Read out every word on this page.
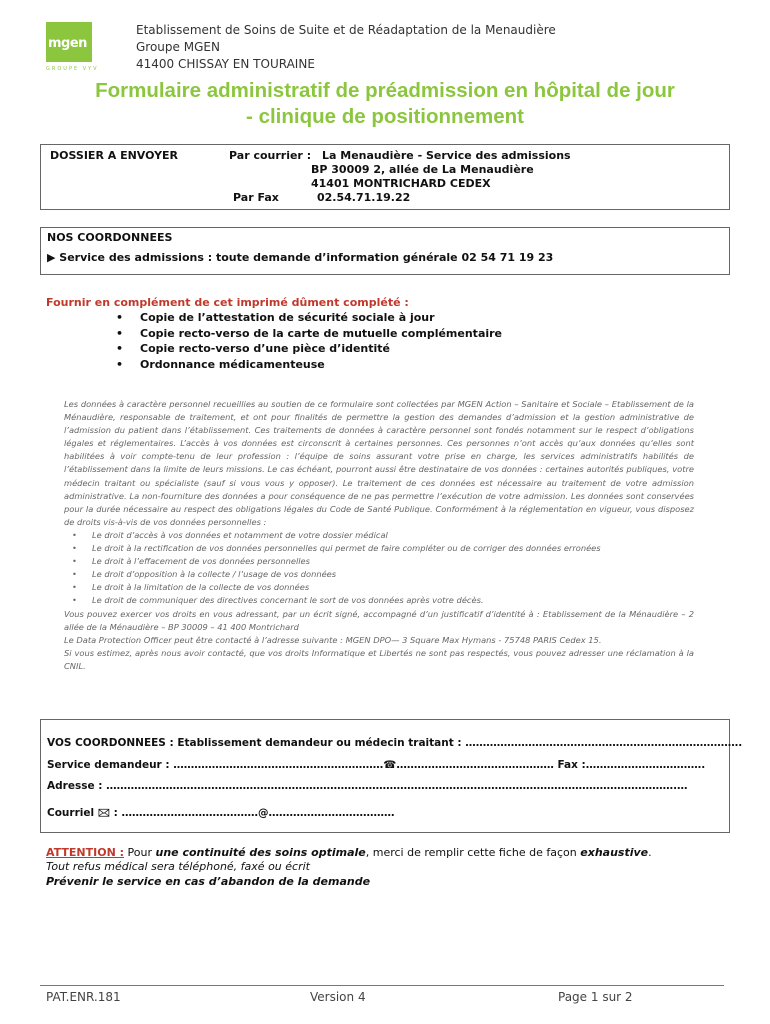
mgen
GROUPE VYV
Etablissement de Soins de Suite et de Réadaptation de la Menaudière
Groupe MGEN
41400 CHISSAY EN TOURAINE
Formulaire administratif de préadmission en hôpital de jour
- clinique de positionnement
DOSSIER A ENVOYER	Par courrier : La Menaudière - Service des admissions
BP 30009 2, allée de La Menaudière
41401 MONTRICHARD CEDEX
Par Fax	02.54.71.19.22
NOS COORDONNEES
▶ Service des admissions : toute demande d’information générale 02 54 71 19 23
Fournir en complément de cet imprimé dûment complété :
• Copie de l’attestation de sécurité sociale à jour
• Copie recto-verso de la carte de mutuelle complémentaire
• Copie recto-verso d’une pièce d’identité
• Ordonnance médicamenteuse

Les données à caractère personnel recueillies au soutien de ce formulaire sont collectées par MGEN Action – Sanitaire et Sociale – Etablissement de la Ménaudière, responsable de traitement, et ont pour finalités de permettre la gestion des demandes d’admission et la gestion administrative de l’admission du patient dans l’établissement. Ces traitements de données à caractère personnel sont fondés notamment sur le respect d’obligations légales et réglementaires. L’accès à vos données est circonscrit à certaines personnes. Ces personnes n’ont accès qu’aux données qu’elles sont habilitées à voir compte-tenu de leur profession : l’équipe de soins assurant votre prise en charge, les services administratifs habilités de l’établissement dans la limite de leurs missions. Le cas échéant, pourront aussi être destinataire de vos données : certaines autorités publiques, votre médecin traitant ou spécialiste (sauf si vous vous y opposer). Le traitement de ces données est nécessaire au traitement de votre admission administrative. La non-fourniture des données a pour conséquence de ne pas permettre l’exécution de votre admission. Les données sont conservées pour la durée nécessaire au respect des obligations légales du Code de Santé Publique. Conformément à la réglementation en vigueur, vous disposez de droits vis-à-vis de vos données personnelles :

• Le droit d’accès à vos données et notamment de votre dossier médical
• Le droit à la rectification de vos données personnelles qui permet de faire compléter ou de corriger des données erronées
• Le droit à l’effacement de vos données personnelles
• Le droit d’opposition à la collecte / l’usage de vos données
• Le droit à la limitation de la collecte de vos données
• Le droit de communiquer des directives concernant le sort de vos données après votre décès.

Vous pouvez exercer vos droits en vous adressant, par un écrit signé, accompagné d’un justificatif d’identité à : Etablissement de la Ménaudière – 2 allée de la Ménaudière – BP 30009 – 41 400 Montrichard

Le Data Protection Officer peut être contacté à l’adresse suivante : MGEN DPO— 3 Square Max Hymans - 75748 PARIS Cedex 15.

Si vous estimez, après nous avoir contacté, que vos droits Informatique et Libertés ne sont pas respectés, vous pouvez adresser une réclamation à la CNIL.

VOS COORDONNEES : Etablissement demandeur ou médecin traitant : …………………………………………………………………….
Service demandeur : ……………………………………………………☎……………………………………… Fax :…………………………….
Adresse : ……………………………………………………………………………………………………………………………………………….…
Courriel 🖂 : …………………………………@………………………………
ATTENTION : Pour une continuité des soins optimale, merci de remplir cette fiche de façon exhaustive.
Tout refus médical sera téléphoné, faxé ou écrit
Prévenir le service en cas d’abandon de la demande
PAT.ENR.181	Version 4	Page 1 sur 2
